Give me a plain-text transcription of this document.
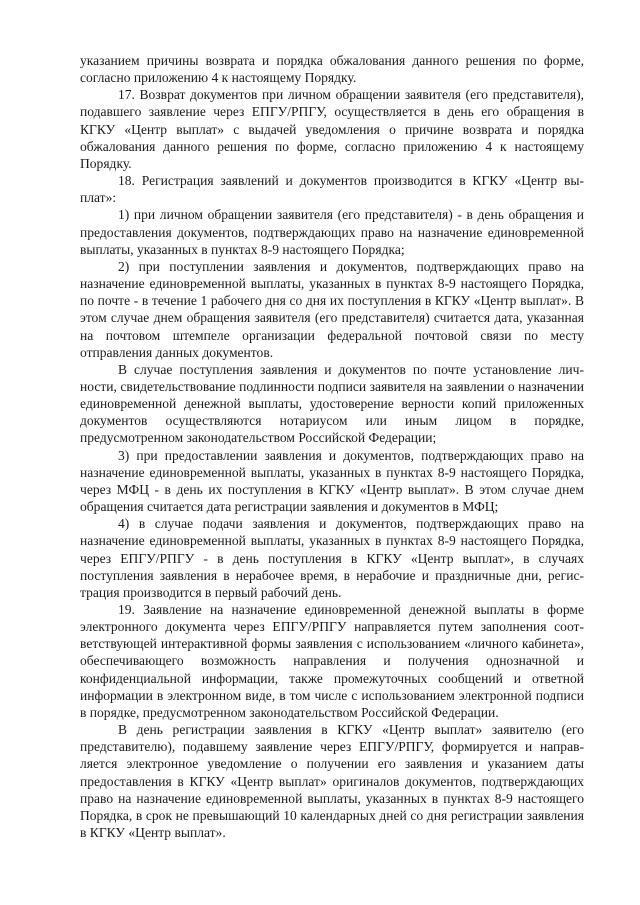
указанием причины возврата и порядка обжалования данного решения по форме, согласно приложению 4 к настоящему Порядку.

17. Возврат документов при личном обращении заявителя (его представителя), подавшего заявление через ЕПГУ/РПГУ, осуществляется в день его обращения в КГКУ «Центр выплат» с выдачей уведомления о причине возврата и порядка обжалования данного решения по форме, согласно приложению 4 к настоящему Порядку.

18. Регистрация заявлений и документов производится в КГКУ «Центр выплат»:

1) при личном обращении заявителя (его представителя) - в день обращения и предоставления документов, подтверждающих право на назначение единовременной выплаты, указанных в пунктах 8-9 настоящего Порядка;

2) при поступлении заявления и документов, подтверждающих право на назначение единовременной выплаты, указанных в пунктах 8-9 настоящего Порядка, по почте - в течение 1 рабочего дня со дня их поступления в КГКУ «Центр выплат». В этом случае днем обращения заявителя (его представителя) считается дата, указанная на почтовом штемпеле организации федеральной почтовой связи по месту отправления данных документов.

В случае поступления заявления и документов по почте установление личности, свидетельствование подлинности подписи заявителя на заявлении о назначении единовременной денежной выплаты, удостоверение верности копий приложенных документов осуществляются нотариусом или иным лицом в порядке, предусмотренном законодательством Российской Федерации;

3) при предоставлении заявления и документов, подтверждающих право на назначение единовременной выплаты, указанных в пунктах 8-9 настоящего Порядка, через МФЦ - в день их поступления в КГКУ «Центр выплат». В этом случае днем обращения считается дата регистрации заявления и документов в МФЦ;

4) в случае подачи заявления и документов, подтверждающих право на назначение единовременной выплаты, указанных в пунктах 8-9 настоящего Порядка, через ЕПГУ/РПГУ - в день поступления в КГКУ «Центр выплат», в случаях поступления заявления в нерабочее время, в нерабочие и праздничные дни, регистрация производится в первый рабочий день.

19. Заявление на назначение единовременной денежной выплаты в форме электронного документа через ЕПГУ/РПГУ направляется путем заполнения соответствующей интерактивной формы заявления с использованием «личного кабинета», обеспечивающего возможность направления и получения однозначной и конфиденциальной информации, также промежуточных сообщений и ответной информации в электронном виде, в том числе с использованием электронной подписи в порядке, предусмотренном законодательством Российской Федерации.

В день регистрации заявления в КГКУ «Центр выплат» заявителю (его представителю), подавшему заявление через ЕПГУ/РПГУ, формируется и направляется электронное уведомление о получении его заявления и указанием даты предоставления в КГКУ «Центр выплат» оригиналов документов, подтверждающих право на назначение единовременной выплаты, указанных в пунктах 8-9 настоящего Порядка, в срок не превышающий 10 календарных дней со дня регистрации заявления в КГКУ «Центр выплат».
